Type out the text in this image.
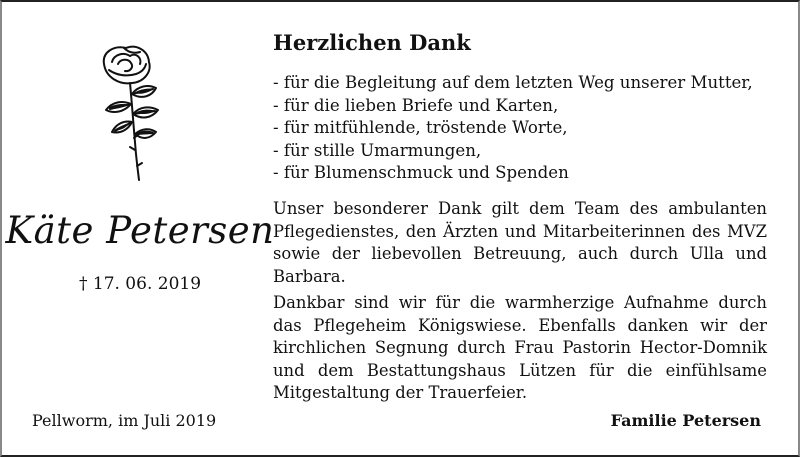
Käte Petersen
† 17. 06. 2019
Pellworm, im Juli 2019
Herzlichen Dank
- für die Begleitung auf dem letzten Weg unserer Mutter,
- für die lieben Briefe und Karten,
- für mitfühlende, tröstende Worte,
- für stille Umarmungen,
- für Blumenschmuck und Spenden

Unser besonderer Dank gilt dem Team des ambulanten Pflegedienstes, den Ärzten und Mitarbeiterinnen des MVZ sowie der liebevollen Betreuung, auch durch Ulla und Barbara.

Dankbar sind wir für die warmherzige Aufnahme durch das Pflegeheim Königswiese. Ebenfalls danken wir der kirchlichen Segnung durch Frau Pastorin Hector-Domnik und dem Bestattungshaus Lützen für die einfühlsame Mitgestaltung der Trauerfeier.

Familie Petersen
